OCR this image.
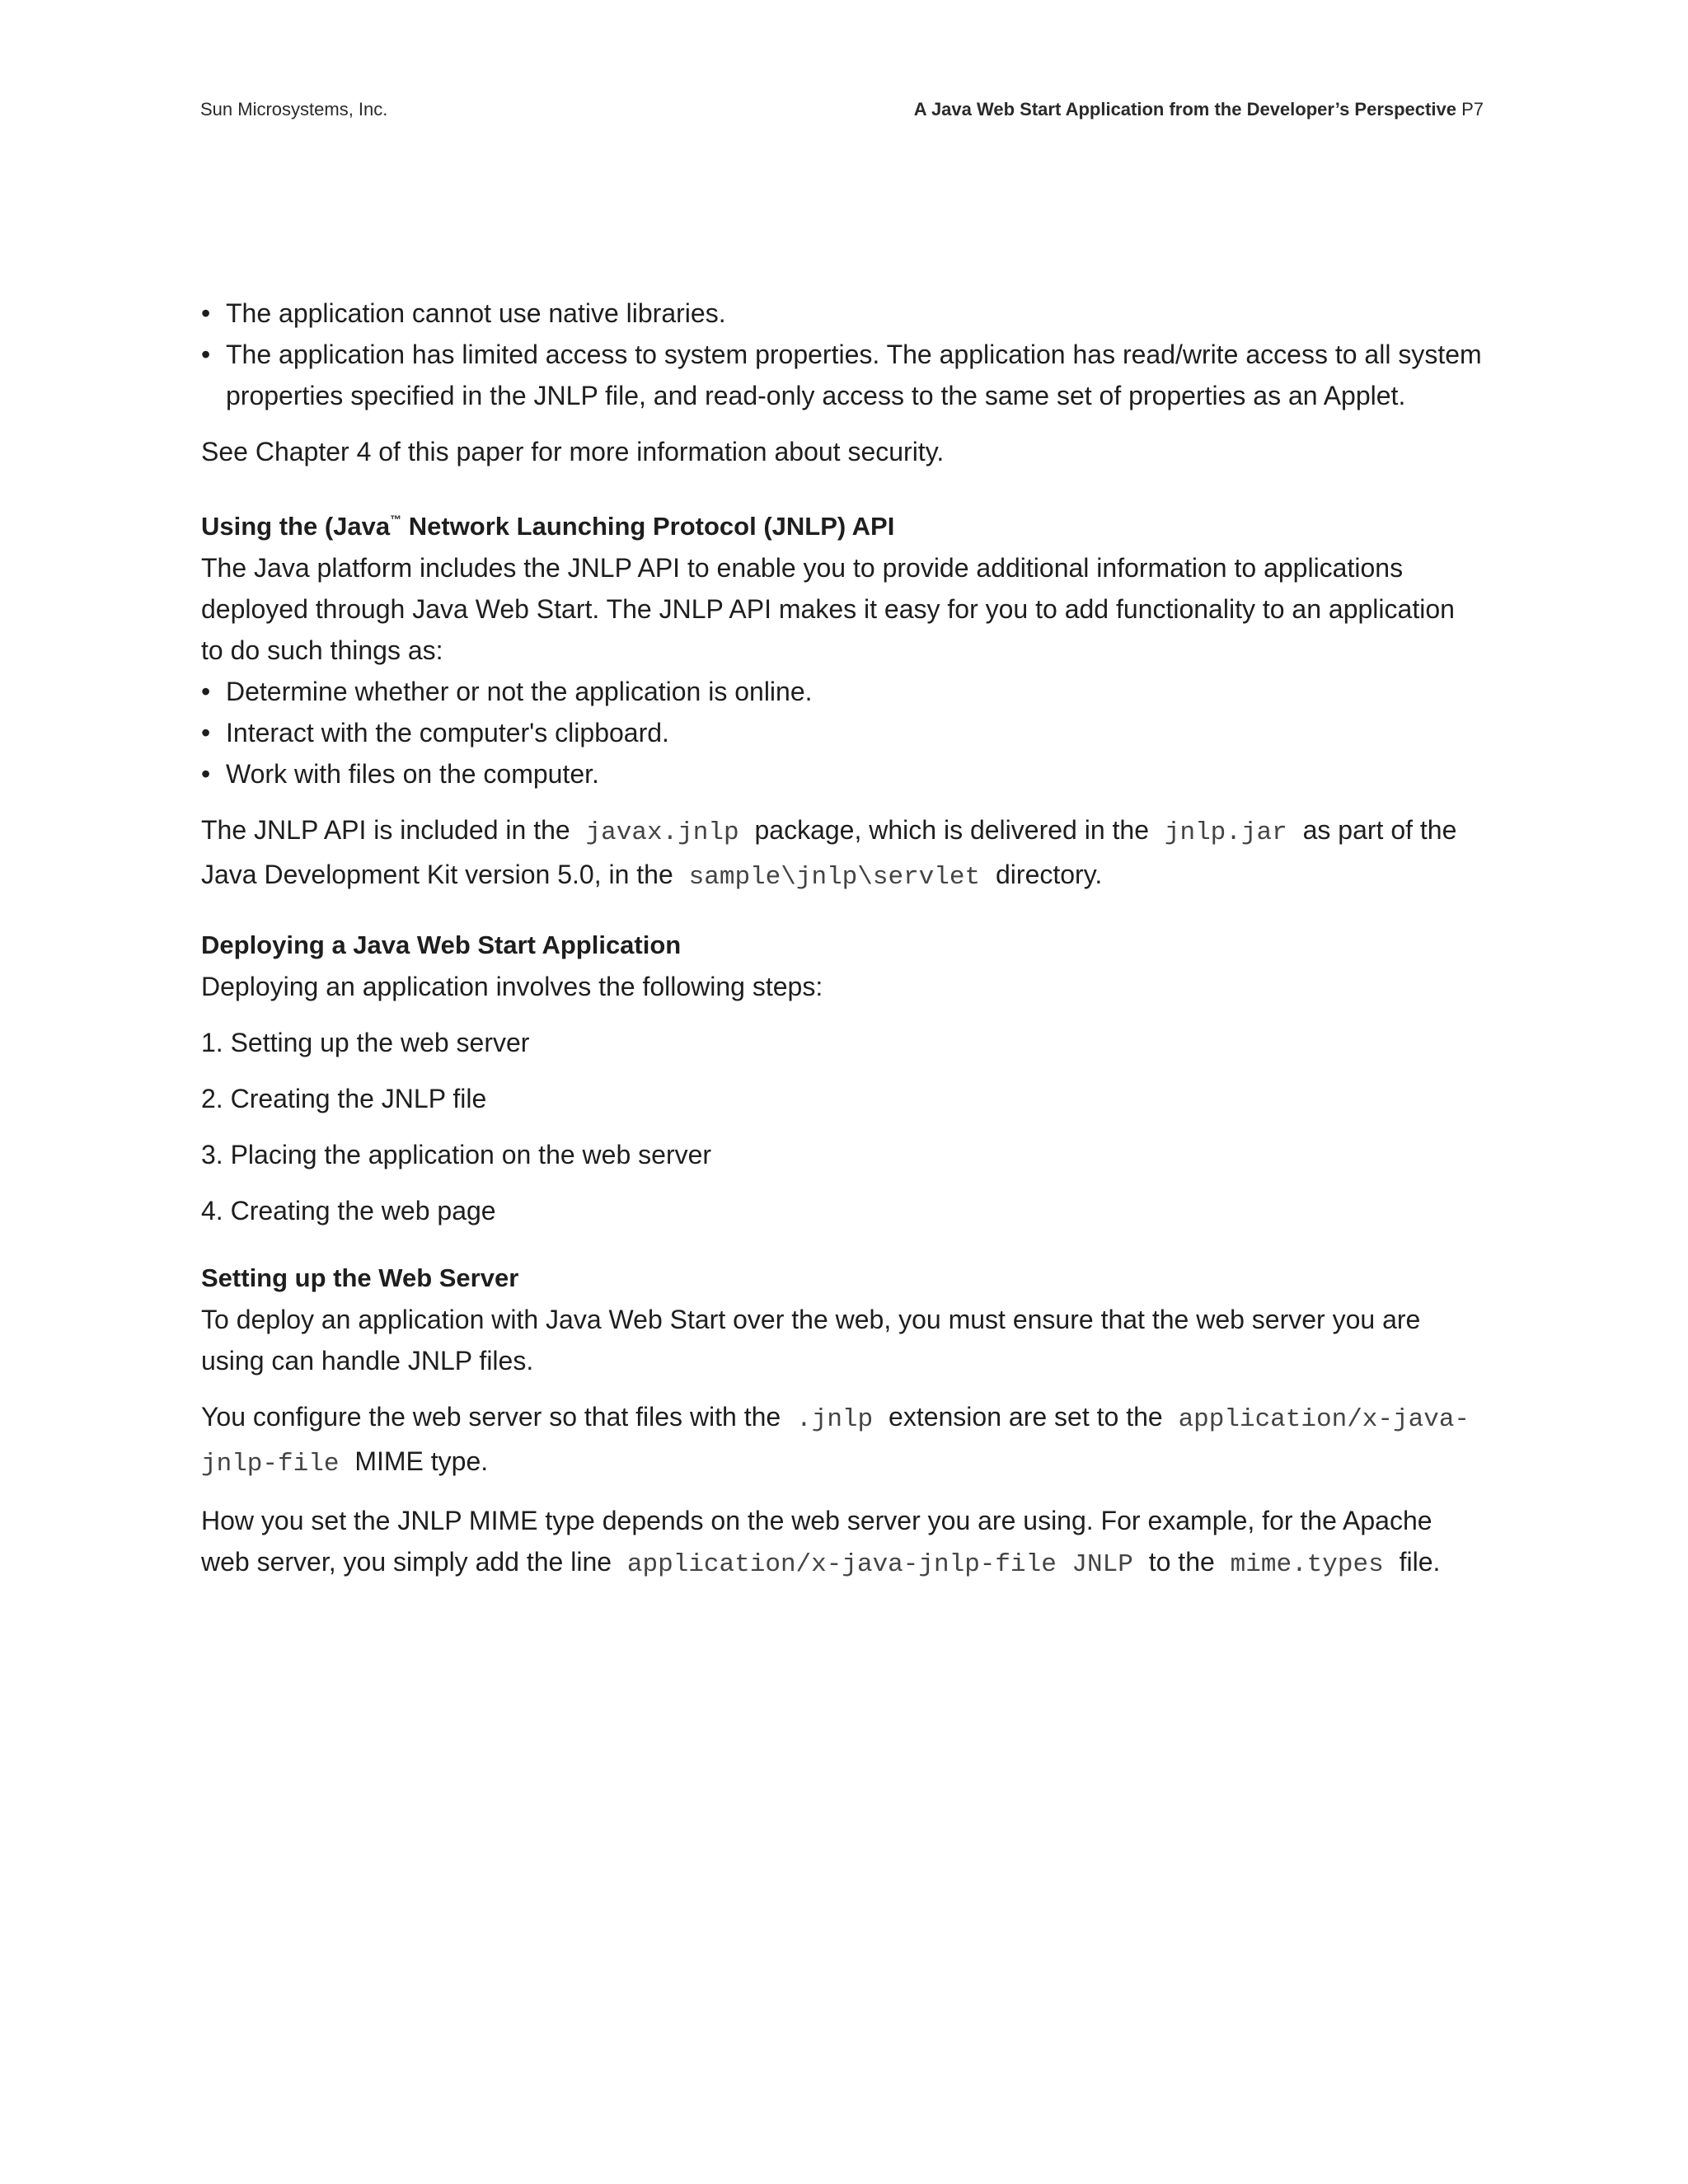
Sun Microsystems, Inc.	A Java Web Start Application from the Developer’s Perspective P7
• The application cannot use native libraries.
• The application has limited access to system properties. The application has read/write access to all system properties specified in the JNLP file, and read-only access to the same set of properties as an Applet.

See Chapter 4 of this paper for more information about security.

Using the (Java™ Network Launching Protocol (JNLP) API

The Java platform includes the JNLP API to enable you to provide additional information to applications deployed through Java Web Start. The JNLP API makes it easy for you to add functionality to an application to do such things as:

• Determine whether or not the application is online.
• Interact with the computer's clipboard.
• Work with files on the computer.

The JNLP API is included in the javax.jnlp package, which is delivered in the jnlp.jar as part of the Java Development Kit version 5.0, in the sample\jnlp\servlet directory.

Deploying a Java Web Start Application

Deploying an application involves the following steps:

1. Setting up the web server

2. Creating the JNLP file

3. Placing the application on the web server

4. Creating the web page

Setting up the Web Server

To deploy an application with Java Web Start over the web, you must ensure that the web server you are using can handle JNLP files.

You configure the web server so that files with the .jnlp extension are set to the application/x-java-jnlp-file MIME type.

How you set the JNLP MIME type depends on the web server you are using. For example, for the Apache web server, you simply add the line application/x-java-jnlp-file JNLP to the mime.types file.
